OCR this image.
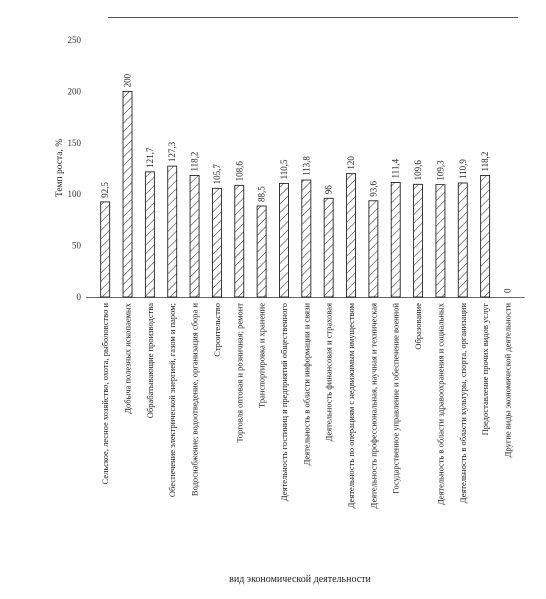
0
50
100
150
200
250
92,5
200
121,7 127,3 118,2
105,7 108,6
88,5
110,5 113,8
96
120
93,6
111,4 109,6 109,3 110,9 118,2
0
Сельское, лесное хозяйство, охота, рыболовство и Добыча полезных ископаемых Обрабатывающие производства Обеспечение электрической энергией, газом и паром; Водоснабжение; водоотведение, организация сбора и Строительство Торговля оптовая и розничная; ремонт Транспортировка и хранение Деятельность гостиниц и предприятий общественного Деятельность в области информации и связи Деятельность финансовая и страховая Деятельность по операциям с недвижимым имуществом Деятельность профессиональная, научная и техническая Государственное управление и обеспечение военной Образование Деятельность в области здравоохранения и социальных Деятельность в области культуры, спорта, организации Предоставление прочих видов услуг Другие виды экономической деятельности
Темп роста, %
вид экономической деятельности
